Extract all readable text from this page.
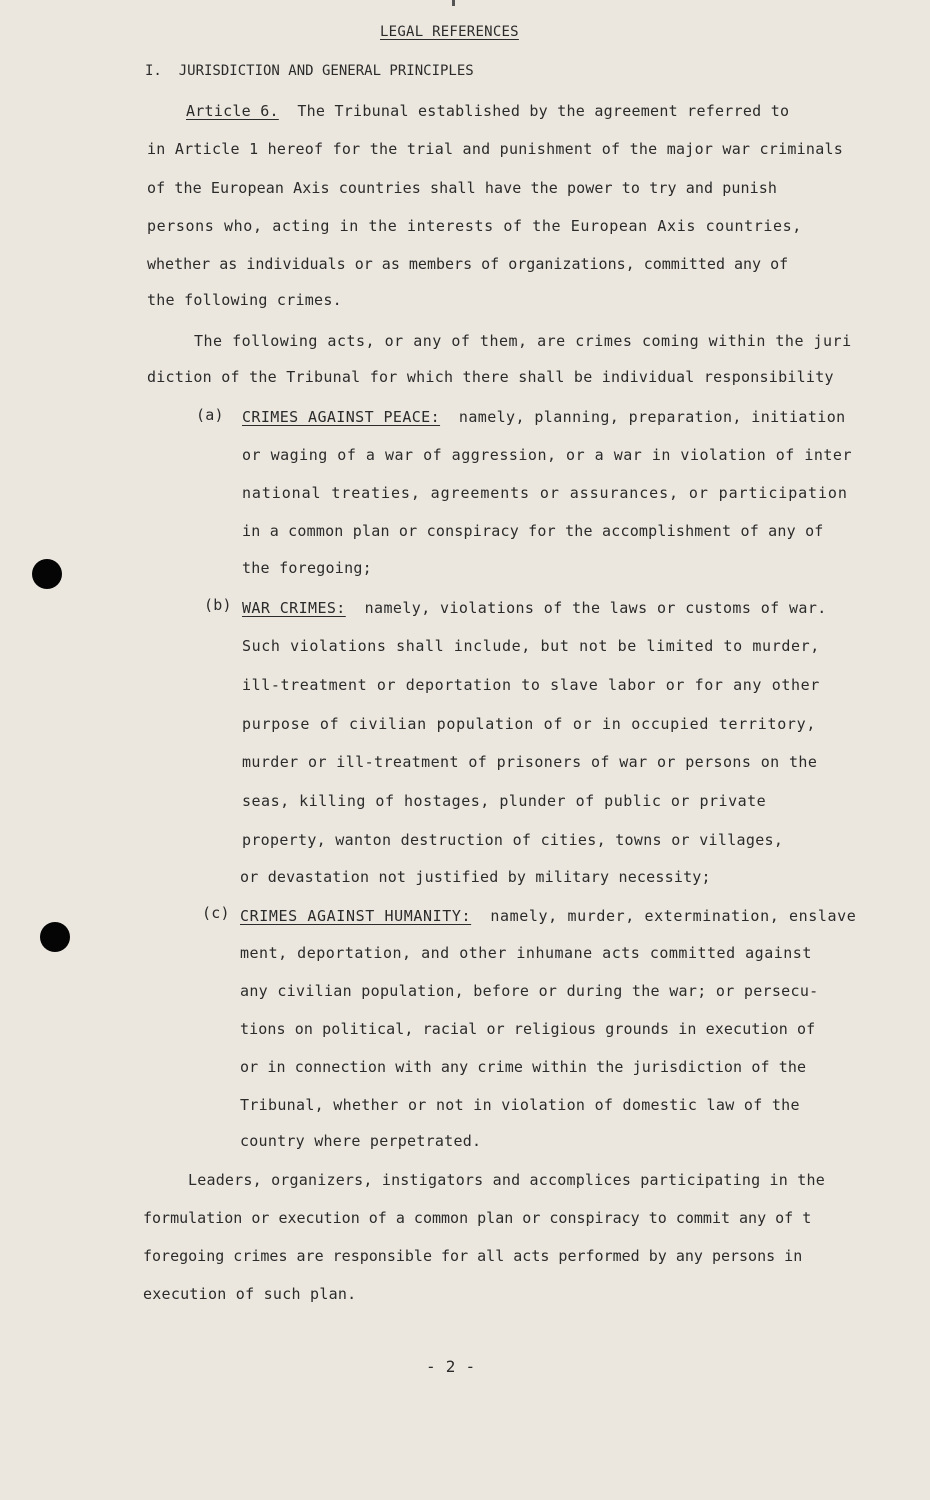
LEGAL REFERENCES
I.  JURISDICTION AND GENERAL PRINCIPLES
Article 6.  The Tribunal established by the agreement referred to
in Article 1 hereof for the trial and punishment of the major war criminals
of the European Axis countries shall have the power to try and punish
persons who, acting in the interests of the European Axis countries,
whether as individuals or as members of organizations, committed any of
the following crimes.
The following acts, or any of them, are crimes coming within the juri
diction of the Tribunal for which there shall be individual responsibility
(a) CRIMES AGAINST PEACE:  namely, planning, preparation, initiation
or waging of a war of aggression, or a war in violation of inter
national treaties, agreements or assurances, or participation
in a common plan or conspiracy for the accomplishment of any of
the foregoing;
(b) WAR CRIMES:  namely, violations of the laws or customs of war.
Such violations shall include, but not be limited to murder,
ill-treatment or deportation to slave labor or for any other
purpose of civilian population of or in occupied territory,
murder or ill-treatment of prisoners of war or persons on the
seas, killing of hostages, plunder of public or private
property, wanton destruction of cities, towns or villages,
or devastation not justified by military necessity;
(c) CRIMES AGAINST HUMANITY:  namely, murder, extermination, enslave
ment, deportation, and other inhumane acts committed against
any civilian population, before or during the war; or persecu-
tions on political, racial or religious grounds in execution of
or in connection with any crime within the jurisdiction of the
Tribunal, whether or not in violation of domestic law of the
country where perpetrated.
Leaders, organizers, instigators and accomplices participating in the
formulation or execution of a common plan or conspiracy to commit any of t
foregoing crimes are responsible for all acts performed by any persons in
execution of such plan.
- 2 -
